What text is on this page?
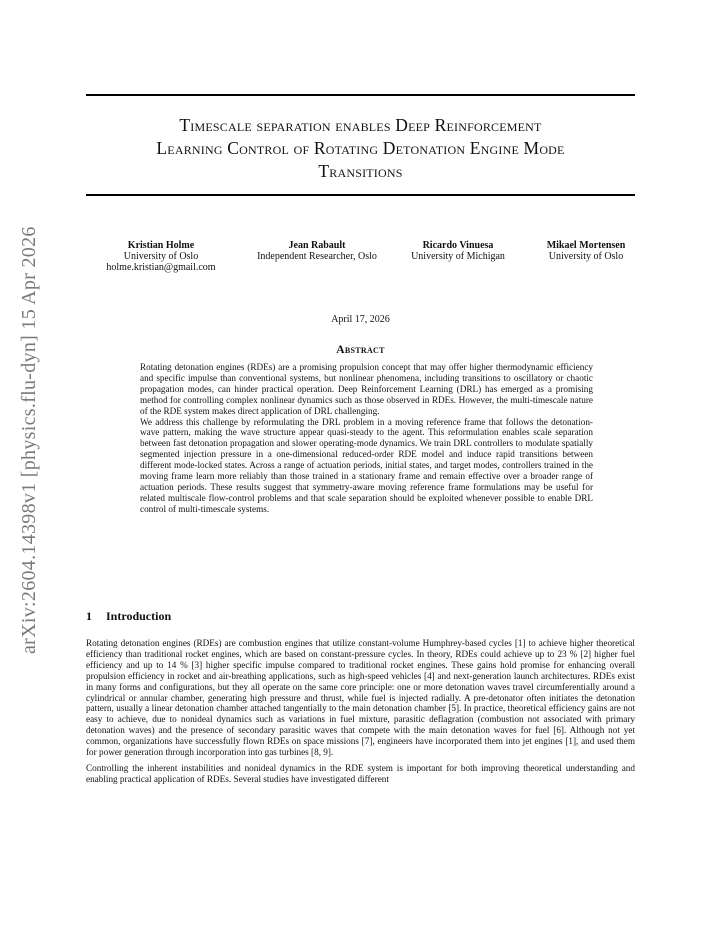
arXiv:2604.14398v1 [physics.flu-dyn] 15 Apr 2026
Timescale separation enables Deep Reinforcement
Learning Control of Rotating Detonation Engine Mode
Transitions
Kristian Holme
University of Oslo
holme.kristian@gmail.com
Jean Rabault
Independent Researcher, Oslo
Ricardo Vinuesa
University of Michigan
Mikael Mortensen
University of Oslo
April 17, 2026
Abstract

Rotating detonation engines (RDEs) are a promising propulsion concept that may offer higher thermodynamic efficiency and specific impulse than conventional systems, but nonlinear phenomena, including transitions to oscillatory or chaotic propagation modes, can hinder practical operation. Deep Reinforcement Learning (DRL) has emerged as a promising method for controlling complex nonlinear dynamics such as those observed in RDEs. However, the multi-timescale nature of the RDE system makes direct application of DRL challenging.

We address this challenge by reformulating the DRL problem in a moving reference frame that follows the detonation-wave pattern, making the wave structure appear quasi-steady to the agent. This reformulation enables scale separation between fast detonation propagation and slower operating-mode dynamics. We train DRL controllers to modulate spatially segmented injection pressure in a one-dimensional reduced-order RDE model and induce rapid transitions between different mode-locked states. Across a range of actuation periods, initial states, and target modes, controllers trained in the moving frame learn more reliably than those trained in a stationary frame and remain effective over a broader range of actuation periods. These results suggest that symmetry-aware moving reference frame formulations may be useful for related multiscale flow-control problems and that scale separation should be exploited whenever possible to enable DRL control of multi-timescale systems.

1 Introduction

Rotating detonation engines (RDEs) are combustion engines that utilize constant-volume Humphrey-based cycles [1] to achieve higher theoretical efficiency than traditional rocket engines, which are based on constant-pressure cycles. In theory, RDEs could achieve up to 23 % [2] higher fuel efficiency and up to 14 % [3] higher specific impulse compared to traditional rocket engines. These gains hold promise for enhancing overall propulsion efficiency in rocket and air-breathing applications, such as high-speed vehicles [4] and next-generation launch architectures. RDEs exist in many forms and configurations, but they all operate on the same core principle: one or more detonation waves travel circumferentially around a cylindrical or annular chamber, generating high pressure and thrust, while fuel is injected radially. A pre-detonator often initiates the detonation pattern, usually a linear detonation chamber attached tangentially to the main detonation chamber [5]. In practice, theoretical efficiency gains are not easy to achieve, due to nonideal dynamics such as variations in fuel mixture, parasitic deflagration (combustion not associated with primary detonation waves) and the presence of secondary parasitic waves that compete with the main detonation waves for fuel [6]. Although not yet common, organizations have successfully flown RDEs on space missions [7], engineers have incorporated them into jet engines [1], and used them for power generation through incorporation into gas turbines [8, 9].

Controlling the inherent instabilities and nonideal dynamics in the RDE system is important for both improving theoretical understanding and enabling practical application of RDEs. Several studies have investigated different
